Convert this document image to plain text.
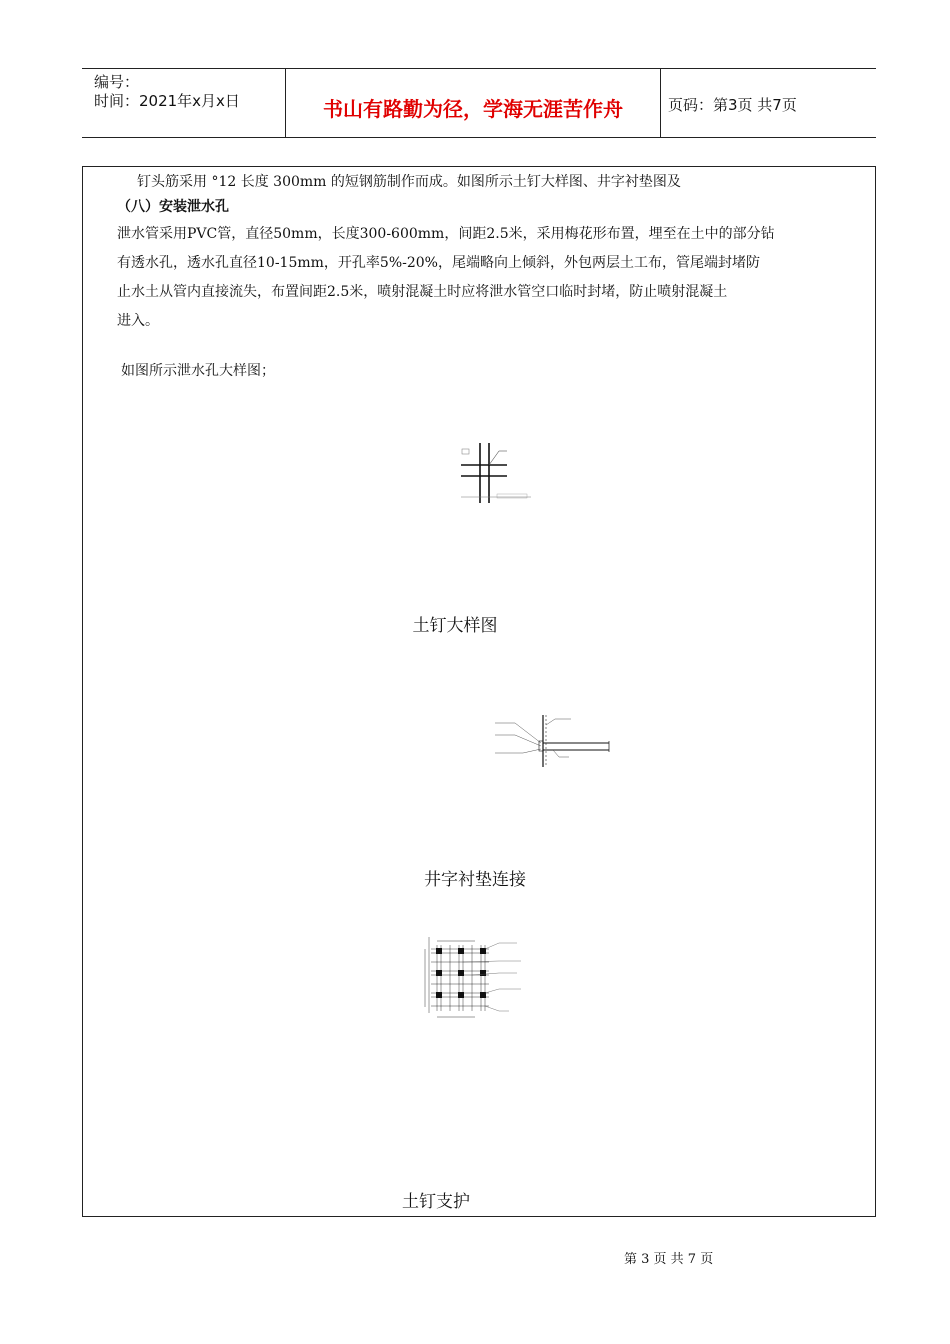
编号：
时间：2021年x月x日	书山有路勤为径，学海无涯苦作舟	页码：第3页 共7页
钉头筋采用 °12 长度 300mm 的短钢筋制作而成。如图所示土钉大样图、井字衬垫图及
（八）安装泄水孔
泄水管采用PVC管，直径50mm，长度300-600mm，间距2.5米，采用梅花形布置，埋至在土中的部分钻
有透水孔，透水孔直径10-15mm，开孔率5%-20%，尾端略向上倾斜，外包两层土工布，管尾端封堵防
止水土从管内直接流失，布置间距2.5米，喷射混凝土时应将泄水管空口临时封堵，防止喷射混凝土
进入。
如图所示泄水孔大样图；
土钉大样图
井字衬垫连接
土钉支护
第 3 页 共 7 页
